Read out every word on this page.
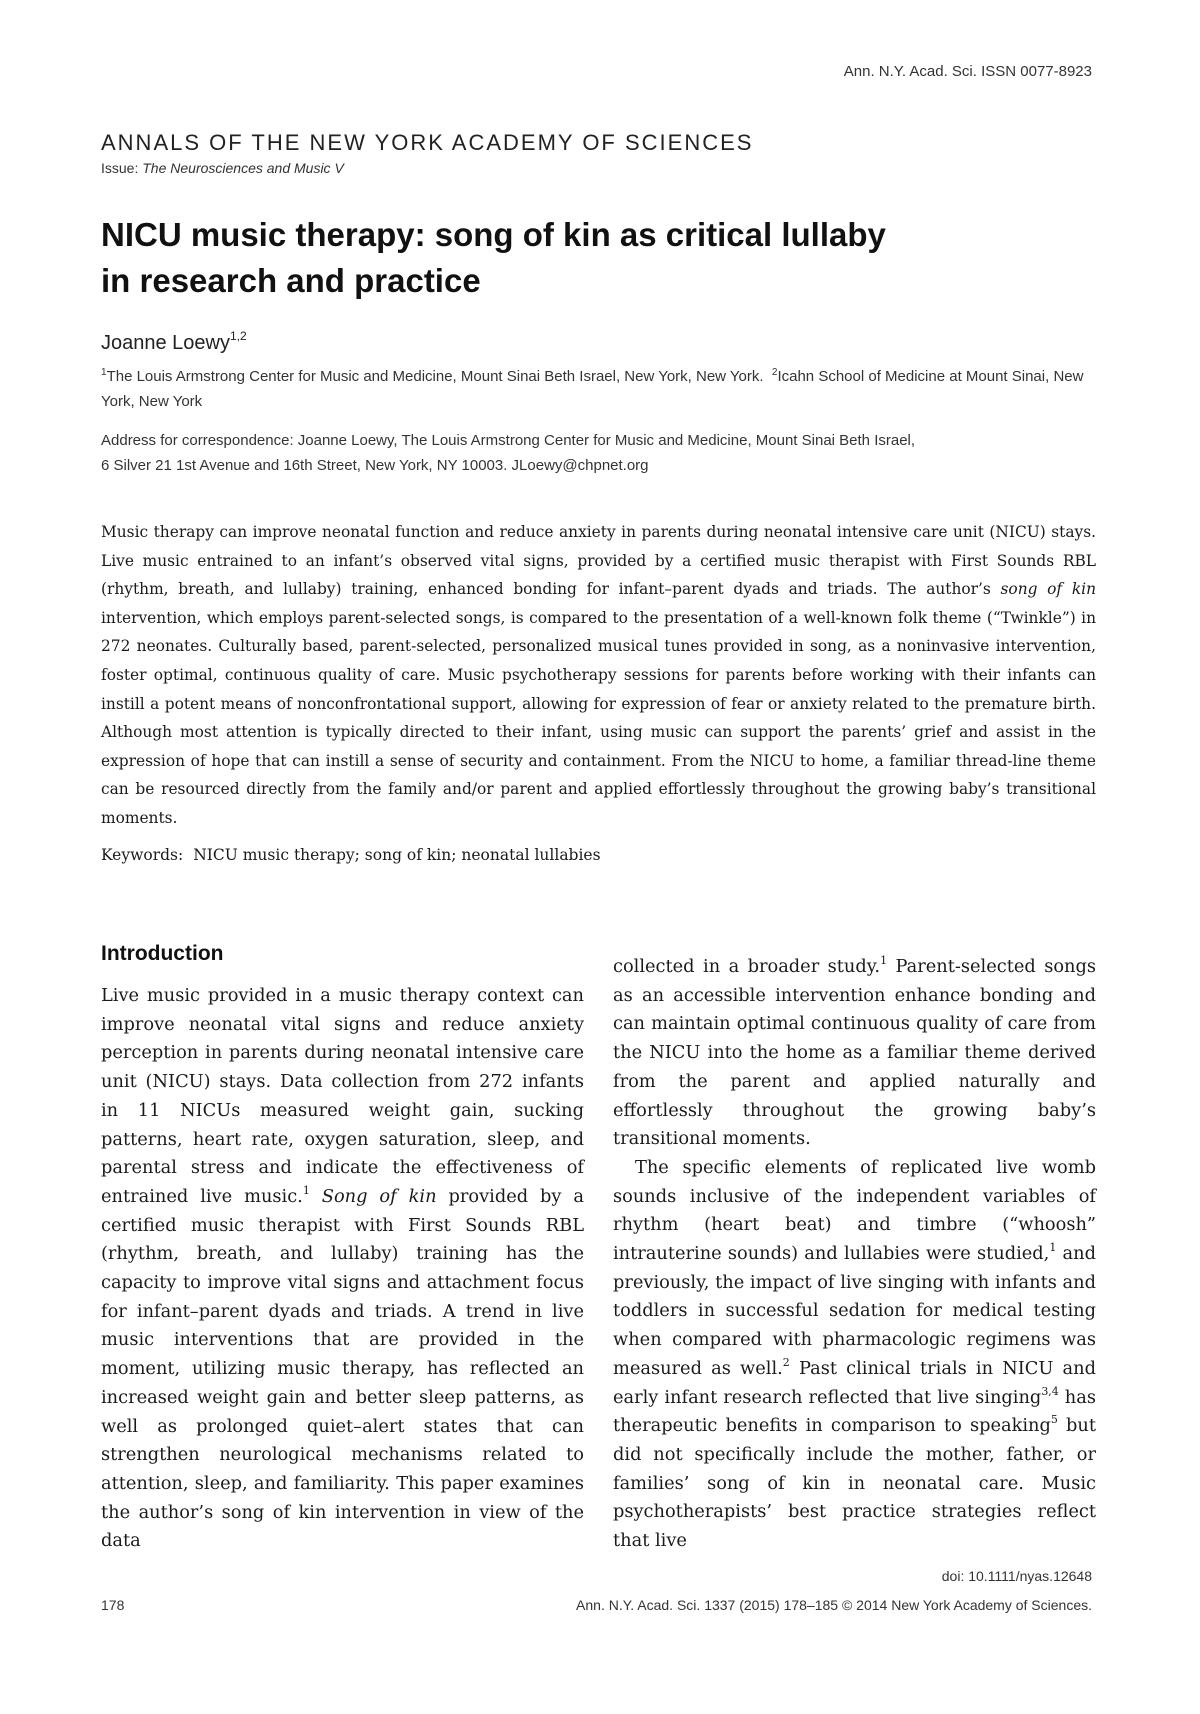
Ann. N.Y. Acad. Sci. ISSN 0077-8923
ANNALS OF THE NEW YORK ACADEMY OF SCIENCES
Issue: The Neurosciences and Music V
NICU music therapy: song of kin as critical lullaby
in research and practice
Joanne Loewy$^{1,2}$
$^1$The Louis Armstrong Center for Music and Medicine, Mount Sinai Beth Israel, New York, New York. $^2$Icahn School of Medicine at Mount Sinai, New York, New York
Address for correspondence: Joanne Loewy, The Louis Armstrong Center for Music and Medicine, Mount Sinai Beth Israel,
6 Silver 21 1st Avenue and 16th Street, New York, NY 10003. JLoewy@chpnet.org
Music therapy can improve neonatal function and reduce anxiety in parents during neonatal intensive care unit (NICU) stays. Live music entrained to an infant’s observed vital signs, provided by a certified music therapist with First Sounds RBL (rhythm, breath, and lullaby) training, enhanced bonding for infant–parent dyads and triads. The author’s song of kin intervention, which employs parent-selected songs, is compared to the presentation of a well-known folk theme (“Twinkle”) in 272 neonates. Culturally based, parent-selected, personalized musical tunes provided in song, as a noninvasive intervention, foster optimal, continuous quality of care. Music psychotherapy sessions for parents before working with their infants can instill a potent means of nonconfrontational support, allowing for expression of fear or anxiety related to the premature birth. Although most attention is typically directed to their infant, using music can support the parents’ grief and assist in the expression of hope that can instill a sense of security and containment. From the NICU to home, a familiar thread-line theme can be resourced directly from the family and/or parent and applied effortlessly throughout the growing baby’s transitional moments.
Keywords: NICU music therapy; song of kin; neonatal lullabies
Introduction

Live music provided in a music therapy context can improve neonatal vital signs and reduce anxiety perception in parents during neonatal intensive care unit (NICU) stays. Data collection from 272 infants in 11 NICUs measured weight gain, sucking patterns, heart rate, oxygen saturation, sleep, and parental stress and indicate the effectiveness of entrained live music.$^1$ Song of kin provided by a certified music therapist with First Sounds RBL (rhythm, breath, and lullaby) training has the capacity to improve vital signs and attachment focus for infant–parent dyads and triads. A trend in live music interventions that are provided in the moment, utilizing music therapy, has reflected an increased weight gain and better sleep patterns, as well as prolonged quiet–alert states that can strengthen neurological mechanisms related to attention, sleep, and familiarity. This paper examines the author’s song of kin intervention in view of the data

collected in a broader study.$^1$ Parent-selected songs as an accessible intervention enhance bonding and can maintain optimal continuous quality of care from the NICU into the home as a familiar theme derived from the parent and applied naturally and effortlessly throughout the growing baby’s transitional moments.

The specific elements of replicated live womb sounds inclusive of the independent variables of rhythm (heart beat) and timbre (“whoosh” intrauterine sounds) and lullabies were studied,$^1$ and previously, the impact of live singing with infants and toddlers in successful sedation for medical testing when compared with pharmacologic regimens was measured as well.$^2$ Past clinical trials in NICU and early infant research reflected that live singing$^{3,4}$ has therapeutic benefits in comparison to speaking$^5$ but did not specifically include the mother, father, or families’ song of kin in neonatal care. Music psychotherapists’ best practice strategies reflect that live

doi: 10.1111/nyas.12648
178	Ann. N.Y. Acad. Sci. 1337 (2015) 178–185 © 2014 New York Academy of Sciences.
